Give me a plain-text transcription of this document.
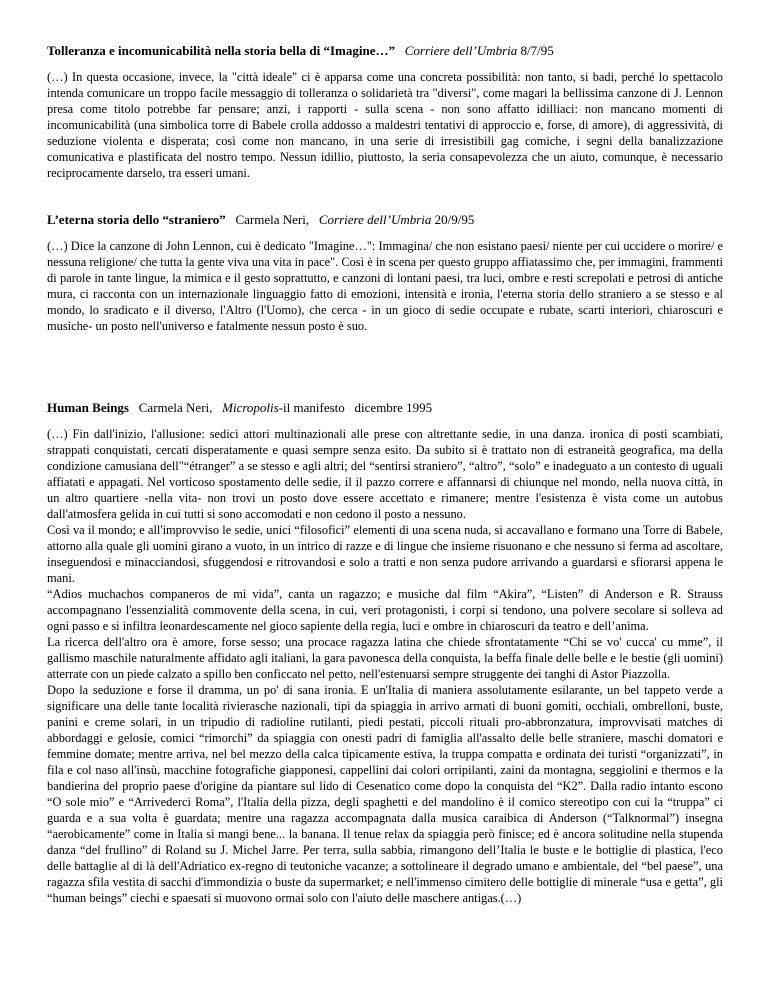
Tolleranza e incomunicabilità nella storia bella di “Imagine…” Corriere dell’Umbria 8/7/95

(…) In questa occasione, invece, la "città ideale" ci è apparsa come una concreta possibilità: non tanto, si badi, perché lo spettacolo intenda comunicare un troppo facile messaggio di tolleranza o solidarietà tra "diversi", come magari la bellissima canzone di J. Lennon presa come titolo potrebbe far pensare; anzi, i rapporti - sulla scena - non sono affatto idilliaci: non mancano momenti di incomunicabilità (una simbolica torre di Babele crolla addosso a maldestri tentativi di approccio e, forse, di amore), di aggressività, di seduzione violenta e disperata; così come non mancano, in una serie di irresistibili gag comiche, i segni della banalizzazione comunicativa e plastificata del nostro tempo. Nessun idillio, piuttosto, la seria consapevolezza che un aiuto, comunque, è necessario reciprocamente darselo, tra esseri umani.

L’eterna storia dello “straniero” Carmela Neri, Corriere dell’Umbria 20/9/95

(…) Dice la canzone di John Lennon, cui è dedicato "Imagine…": Immagina/ che non esistano paesi/ niente per cui uccidere o morire/ e nessuna religione/ che tutta la gente viva una vita in pace". Così è in scena per questo gruppo affiatassimo che, per immagini, frammenti di parole in tante lingue, la mimica e il gesto soprattutto, e canzoni di lontani paesi, tra luci, ombre e resti screpolati e petrosi di antiche mura, ci racconta con un internazionale linguaggio fatto di emozioni, intensità e ironia, l'eterna storia dello straniero a se stesso e al mondo, lo sradicato e il diverso, l'Altro (l'Uomo), che cerca - in un gioco di sedie occupate e rubate, scarti interiori, chiaroscuri e musiche- un posto nell'universo e fatalmente nessun posto è suo.

Human Beings Carmela Neri, Micropolis-il manifesto dicembre 1995

(…) Fin dall'inizio, l'allusione: sedici attori multinazionali alle prese con altrettante sedie, in una danza. ironica di posti scambiati, strappati conquistati, cercati disperatamente e quasi sempre senza esito. Da subito si è trattato non di estraneità geografica, ma della condizione camusiana dell"“étranger” a se stesso e agli altri; del “sentirsi straniero”, “altro”, “solo” e inadeguato a un contesto di uguali affiatati e appagati. Nel vorticoso spostamento delle sedie, il il pazzo correre e affannarsi di chiunque nel mondo, nella nuova città, in un altro quartiere -nella vita- non trovi un posto dove essere accettato e rimanere; mentre l'esistenza è vista come un autobus dall'atmosfera gelida in cui tutti si sono accomodati e non cedono il posto a nessuno.

Così va il mondo; e all'improvviso le sedie, unici “filosofici” elementi di una scena nuda, si accavallano e formano una Torre di Babele, attorno alla quale gli uomini girano a vuoto, in un intrico di razze e di lingue che insieme risuonano e che nessuno si ferma ad ascoltare, inseguendosi e minacciandosi, sfuggendosi e ritrovandosi e solo a tratti e non senza pudore arrivando a guardarsi e sfiorarsi appena le mani.

“Adios muchachos companeros de mi vida”, canta un ragazzo; e musiche dal film “Akira”, “Listen” di Anderson e R. Strauss accompagnano l'essenzialità commovente della scena, in cui, veri protagonisti, i corpi si tendono, una polvere secolare si solleva ad ogni passo e si infiltra leonardescamente nel gioco sapiente della regia, luci e ombre in chiaroscuri da teatro e dell’anima.

La ricerca dell'altro ora è amore, forse sesso; una procace ragazza latina che chiede sfrontatamente “Chi se vo' cucca' cu mme”, il gallismo maschile naturalmente affidato agli italiani, la gara pavonesca della conquista, la beffa finale delle belle e le bestie (gli uomini) atterrate con un piede calzato a spillo ben conficcato nel petto, nell'estenuarsi sempre struggente dei tanghi di Astor Piazzolla.

Dopo la seduzione e forse il dramma, un po' di sana ironia. E un'Italia di maniera assolutamente esilarante, un bel tappeto verde a significare una delle tante località rivierasche nazionali, tipi da spiaggia in arrivo armati di buoni gomiti, occhiali, ombrelloni, buste, panini e creme solari, in un tripudio di radioline rutilanti, piedi pestati, piccoli rituali pro-abbronzatura, improvvisati matches di abbordaggi e gelosie, comici “rimorchi” da spiaggia con onesti padri di famiglia all'assalto delle belle straniere, maschi domatori e femmine domate; mentre arriva, nel bel mezzo della calca tipicamente estiva, la truppa compatta e ordinata dei turisti “organizzati”, in fila e col naso all'insù, macchine fotografiche giapponesi, cappellini dai colori orripilanti, zaini da montagna, seggiolini e thermos e la bandierina del proprio paese d'origine da piantare sul lido di Cesenatico come dopo la conquista del “K2”. Dalla radio intanto escono “O sole mio” e “Arrivederci Roma”, l'Italia della pizza, degli spaghetti e del mandolino è il comico stereotipo con cui la “truppa” ci guarda e a sua volta è guardata; mentre una ragazza accompagnata dalla musica caraibica di Anderson (“Talknormal”) insegna “aerobicamente” come in Italia si mangi bene... la banana. Il tenue relax da spiaggia però finisce; ed è ancora solitudine nella stupenda danza “del frullino” di Roland su J. Michel Jarre. Per terra, sulla sabbia, rimangono dell’Italia le buste e le bottiglie di plastica, l'eco delle battaglie al di là dell'Adriatico ex-regno di teutoniche vacanze; a sottolineare il degrado umano e ambientale, del “bel paese”, una ragazza sfila vestita di sacchi d'immondizia o buste da supermarket; e nell'immenso cimitero delle bottiglie di minerale “usa e getta”, gli “human beings” ciechi e spaesati si muovono ormai solo con l'aiuto delle maschere antigas.(…)
